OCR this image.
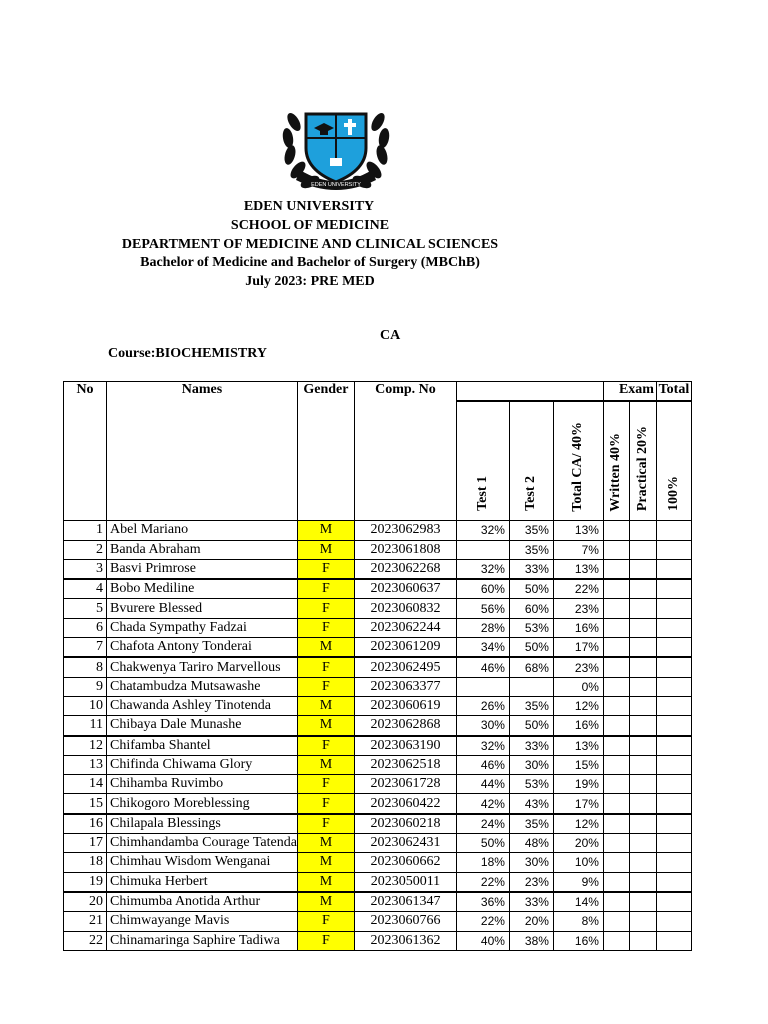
EDEN UNIVERSITY
EDEN UNIVERSITY
SCHOOL OF MEDICINE
DEPARTMENT OF MEDICINE AND CLINICAL SCIENCES
Bachelor of Medicine and Bachelor of Surgery (MBChB)
July 2023: PRE MED
CA
Course:BIOCHEMISTRY
No	Names	Gender	Comp. No				Exam		Total
				Test 1	Test 2	Total CA/ 40%	Written 40%	Practical 20%	100%
1	Abel Mariano	M	2023062983	32%	35%	13%			
2	Banda Abraham	M	2023061808		35%	7%			
3	Basvi Primrose	F	2023062268	32%	33%	13%			
4	Bobo Mediline	F	2023060637	60%	50%	22%			
5	Bvurere Blessed	F	2023060832	56%	60%	23%			
6	Chada Sympathy Fadzai	F	2023062244	28%	53%	16%			
7	Chafota Antony Tonderai	M	2023061209	34%	50%	17%			
8	Chakwenya Tariro Marvellous	F	2023062495	46%	68%	23%			
9	Chatambudza Mutsawashe	F	2023063377			0%			
10	Chawanda Ashley Tinotenda	M	2023060619	26%	35%	12%			
11	Chibaya Dale Munashe	M	2023062868	30%	50%	16%			
12	Chifamba Shantel	F	2023063190	32%	33%	13%			
13	Chifinda Chiwama Glory	M	2023062518	46%	30%	15%			
14	Chihamba Ruvimbo	F	2023061728	44%	53%	19%			
15	Chikogoro Moreblessing	F	2023060422	42%	43%	17%			
16	Chilapala Blessings	F	2023060218	24%	35%	12%			
17	Chimhandamba Courage Tatenda	M	2023062431	50%	48%	20%			
18	Chimhau Wisdom Wenganai	M	2023060662	18%	30%	10%			
19	Chimuka Herbert	M	2023050011	22%	23%	9%			
20	Chimumba Anotida Arthur	M	2023061347	36%	33%	14%			
21	Chimwayange Mavis	F	2023060766	22%	20%	8%			
22	Chinamaringa Saphire Tadiwa	F	2023061362	40%	38%	16%			
